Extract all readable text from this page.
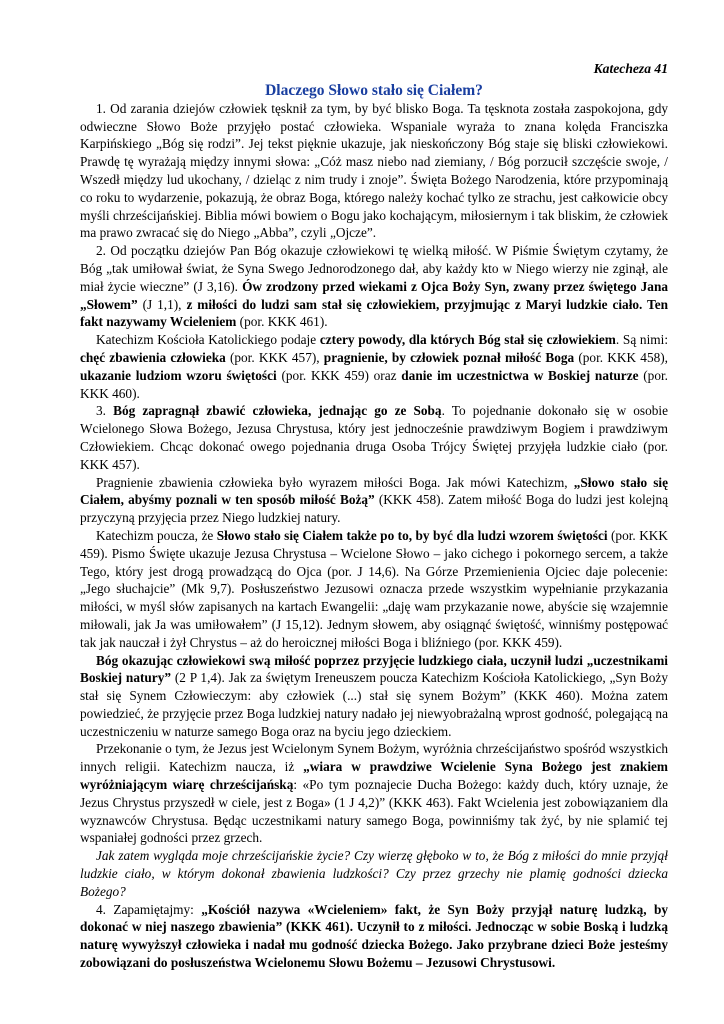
Katecheza 41
Dlaczego Słowo stało się Ciałem?

1. Od zarania dziejów człowiek tęsknił za tym, by być blisko Boga. Ta tęsknota została zaspokojona, gdy odwieczne Słowo Boże przyjęło postać człowieka. Wspaniale wyraża to znana kolęda Franciszka Karpińskiego „Bóg się rodzi”. Jej tekst pięknie ukazuje, jak nieskończony Bóg staje się bliski człowiekowi. Prawdę tę wyrażają między innymi słowa: „Cóż masz niebo nad ziemiany, / Bóg porzucił szczęście swoje, / Wszedł między lud ukochany, / dzieląc z nim trudy i znoje”. Święta Bożego Narodzenia, które przypominają co roku to wydarzenie, pokazują, że obraz Boga, którego należy kochać tylko ze strachu, jest całkowicie obcy myśli chrześcijańskiej. Biblia mówi bowiem o Bogu jako kochającym, miłosiernym i tak bliskim, że człowiek ma prawo zwracać się do Niego „Abba”, czyli „Ojcze”.

2. Od początku dziejów Pan Bóg okazuje człowiekowi tę wielką miłość. W Piśmie Świętym czytamy, że Bóg „tak umiłował świat, że Syna Swego Jednorodzonego dał, aby każdy kto w Niego wierzy nie zginął, ale miał życie wieczne” (J 3,16). Ów zrodzony przed wiekami z Ojca Boży Syn, zwany przez świętego Jana „Słowem” (J 1,1), z miłości do ludzi sam stał się człowiekiem, przyjmując z Maryi ludzkie ciało. Ten fakt nazywamy Wcieleniem (por. KKK 461).

Katechizm Kościoła Katolickiego podaje cztery powody, dla których Bóg stał się człowiekiem. Są nimi: chęć zbawienia człowieka (por. KKK 457), pragnienie, by człowiek poznał miłość Boga (por. KKK 458), ukazanie ludziom wzoru świętości (por. KKK 459) oraz danie im uczestnictwa w Boskiej naturze (por. KKK 460).

3. Bóg zapragnął zbawić człowieka, jednając go ze Sobą. To pojednanie dokonało się w osobie Wcielonego Słowa Bożego, Jezusa Chrystusa, który jest jednocześnie prawdziwym Bogiem i prawdziwym Człowiekiem. Chcąc dokonać owego pojednania druga Osoba Trójcy Świętej przyjęła ludzkie ciało (por. KKK 457).

Pragnienie zbawienia człowieka było wyrazem miłości Boga. Jak mówi Katechizm, „Słowo stało się Ciałem, abyśmy poznali w ten sposób miłość Bożą” (KKK 458). Zatem miłość Boga do ludzi jest kolejną przyczyną przyjęcia przez Niego ludzkiej natury.

Katechizm poucza, że Słowo stało się Ciałem także po to, by być dla ludzi wzorem świętości (por. KKK 459). Pismo Święte ukazuje Jezusa Chrystusa – Wcielone Słowo – jako cichego i pokornego sercem, a także Tego, który jest drogą prowadzącą do Ojca (por. J 14,6). Na Górze Przemienienia Ojciec daje polecenie: „Jego słuchajcie” (Mk 9,7). Posłuszeństwo Jezusowi oznacza przede wszystkim wypełnianie przykazania miłości, w myśl słów zapisanych na kartach Ewangelii: „daję wam przykazanie nowe, abyście się wzajemnie miłowali, jak Ja was umiłowałem” (J 15,12). Jednym słowem, aby osiągnąć świętość, winniśmy postępować tak jak nauczał i żył Chrystus – aż do heroicznej miłości Boga i bliźniego (por. KKK 459).

Bóg okazując człowiekowi swą miłość poprzez przyjęcie ludzkiego ciała, uczynił ludzi „uczestnikami Boskiej natury” (2 P 1,4). Jak za świętym Ireneuszem poucza Katechizm Kościoła Katolickiego, „Syn Boży stał się Synem Człowieczym: aby człowiek (...) stał się synem Bożym” (KKK 460). Można zatem powiedzieć, że przyjęcie przez Boga ludzkiej natury nadało jej niewyobrażalną wprost godność, polegającą na uczestniczeniu w naturze samego Boga oraz na byciu jego dzieckiem.

Przekonanie o tym, że Jezus jest Wcielonym Synem Bożym, wyróżnia chrześcijaństwo spośród wszystkich innych religii. Katechizm naucza, iż „wiara w prawdziwe Wcielenie Syna Bożego jest znakiem wyróżniającym wiarę chrześcijańską: «Po tym poznajecie Ducha Bożego: każdy duch, który uznaje, że Jezus Chrystus przyszedł w ciele, jest z Boga» (1 J 4,2)” (KKK 463). Fakt Wcielenia jest zobowiązaniem dla wyznawców Chrystusa. Będąc uczestnikami natury samego Boga, powinniśmy tak żyć, by nie splamić tej wspaniałej godności przez grzech.

Jak zatem wygląda moje chrześcijańskie życie? Czy wierzę głęboko w to, że Bóg z miłości do mnie przyjął ludzkie ciało, w którym dokonał zbawienia ludzkości? Czy przez grzechy nie plamię godności dziecka Bożego?

4. Zapamiętajmy: „Kościół nazywa «Wcieleniem» fakt, że Syn Boży przyjął naturę ludzką, by dokonać w niej naszego zbawienia” (KKK 461). Uczynił to z miłości. Jednocząc w sobie Boską i ludzką naturę wywyższył człowieka i nadał mu godność dziecka Bożego. Jako przybrane dzieci Boże jesteśmy zobowiązani do posłuszeństwa Wcielonemu Słowu Bożemu – Jezusowi Chrystusowi.
